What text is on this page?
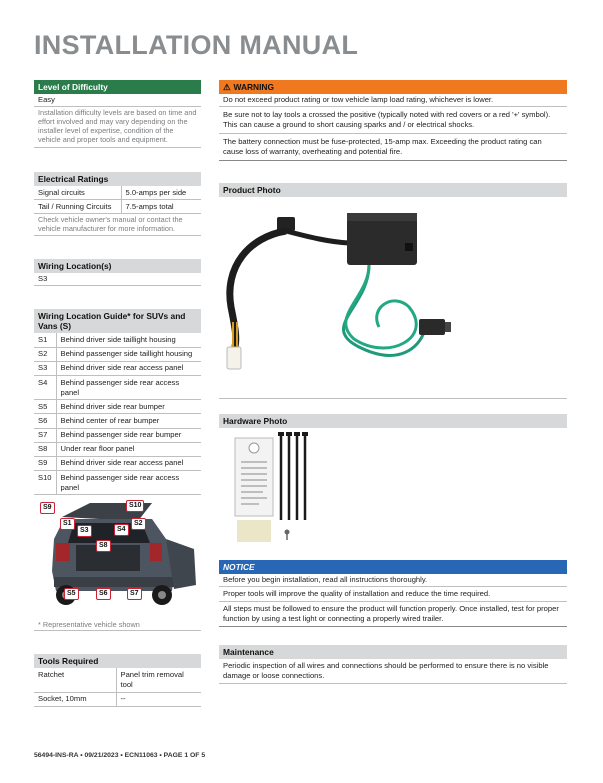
INSTALLATION MANUAL
Level of Difficulty
Easy
Installation difficulty levels are based on time and effort involved and may vary depending on the installer level of expertise, condition of the vehicle and proper tools and equipment.
Electrical Ratings
Signal circuits	5.0-amps per side
Tail / Running Circuits	7.5-amps total
Check vehicle owner's manual or contact the vehicle manufacturer for more information.
Wiring Location(s)
S3
Wiring Location Guide* for SUVs and Vans (S)
S1	Behind driver side taillight housing
S2	Behind passenger side taillight housing
S3	Behind driver side rear access panel
S4	Behind passenger side rear access panel
S5	Behind driver side rear bumper
S6	Behind center of rear bumper
S7	Behind passenger side rear bumper
S8	Under rear floor panel
S9	Behind driver side rear access panel
S10	Behind passenger side rear access panel
S9	S10
S1
S3	S4
S2
S8
S5	S6	S7
* Representative vehicle shown
Tools Required
Ratchet	Panel trim removal tool
Socket, 10mm	--
⚠ WARNING
Do not exceed product rating or tow vehicle lamp load rating, whichever is lower.
Be sure not to lay tools a crossed the positive (typically noted with red covers or a red '+' symbol). This can cause a ground to short causing sparks and / or electrical shocks.
The battery connection must be fuse-protected, 15-amp max. Exceeding the product rating can cause loss of warranty, overheating and potential fire.
Product Photo
Hardware Photo
NOTICE
Before you begin installation, read all instructions thoroughly.
Proper tools will improve the quality of installation and reduce the time required.
All steps must be followed to ensure the product will function properly. Once installed, test for proper function by using a test light or connecting a properly wired trailer.
Maintenance
Periodic inspection of all wires and connections should be performed to ensure there is no visible damage or loose connections.
56494-INS-RA • 09/21/2023 • ECN11063 • PAGE 1 OF 5
